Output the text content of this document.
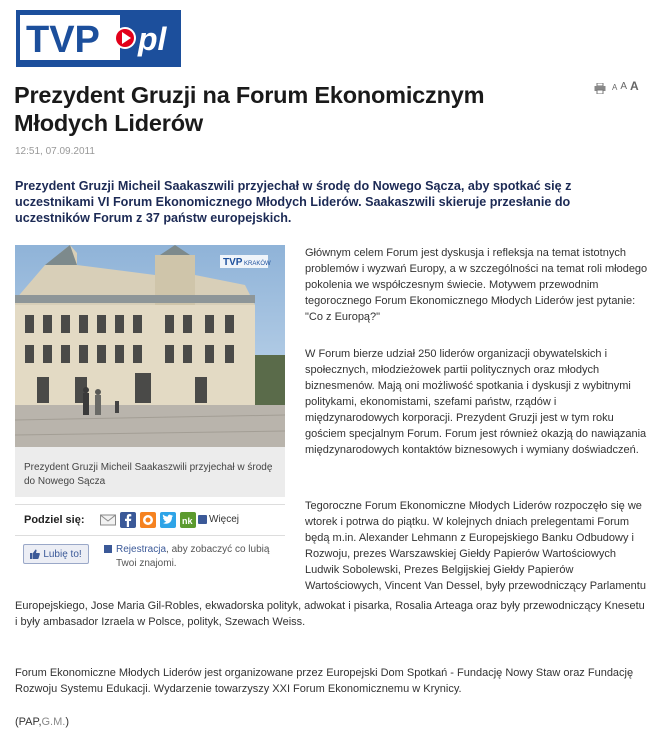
TVP pl
A A A
Prezydent Gruzji na Forum Ekonomicznym Młodych Liderów
12:51, 07.09.2011
Prezydent Gruzji Micheil Saakaszwili przyjechał w środę do Nowego Sącza, aby spotkać się z uczestnikami VI Forum Ekonomicznego Młodych Liderów. Saakaszwili skieruje przesłanie do uczestników Forum z 37 państw europejskich.
TVP KRAKÓW
Prezydent Gruzji Micheil Saakaszwili przyjechał w środę do Nowego Sącza
Podziel się:	nk Więcej
Lubię to!	Rejestracja, aby zobaczyć co lubią Twoi znajomi.
Głównym celem Forum jest dyskusja i refleksja na temat istotnych problemów i wyzwań Europy, a w szczególności na temat roli młodego pokolenia we współczesnym świecie. Motywem przewodnim tegorocznego Forum Ekonomicznego Młodych Liderów jest pytanie: "Co z Europą?"
W Forum bierze udział 250 liderów organizacji obywatelskich i społecznych, młodzieżowek partii politycznych oraz młodych biznesmenów. Mają oni możliwość spotkania i dyskusji z wybitnymi politykami, ekonomistami, szefami państw, rządów i międzynarodowych korporacji. Prezydent Gruzji jest w tym roku gościem specjalnym Forum. Forum jest również okazją do nawiązania międzynarodowych kontaktów biznesowych i wymiany doświadczeń.
Tegoroczne Forum Ekonomiczne Młodych Liderów rozpoczęło się we wtorek i potrwa do piątku. W kolejnych dniach prelegentami Forum będą m.in. Alexander Lehmann z Europejskiego Banku Odbudowy i Rozwoju, prezes Warszawskiej Giełdy Papierów Wartościowych Ludwik Sobolewski, Prezes Belgijskiej Giełdy Papierów Wartościowych, Vincent Van Dessel, były przewodniczący Parlamentu
Europejskiego, Jose Maria Gil-Robles, ekwadorska polityk, adwokat i pisarka, Rosalia Arteaga oraz były przewodniczący Knesetu i były ambasador Izraela w Polsce, polityk, Szewach Weiss.
Forum Ekonomiczne Młodych Liderów jest organizowane przez Europejski Dom Spotkań - Fundację Nowy Staw oraz Fundację Rozwoju Systemu Edukacji. Wydarzenie towarzyszy XXI Forum Ekonomicznemu w Krynicy.
(PAP,G.M.)
